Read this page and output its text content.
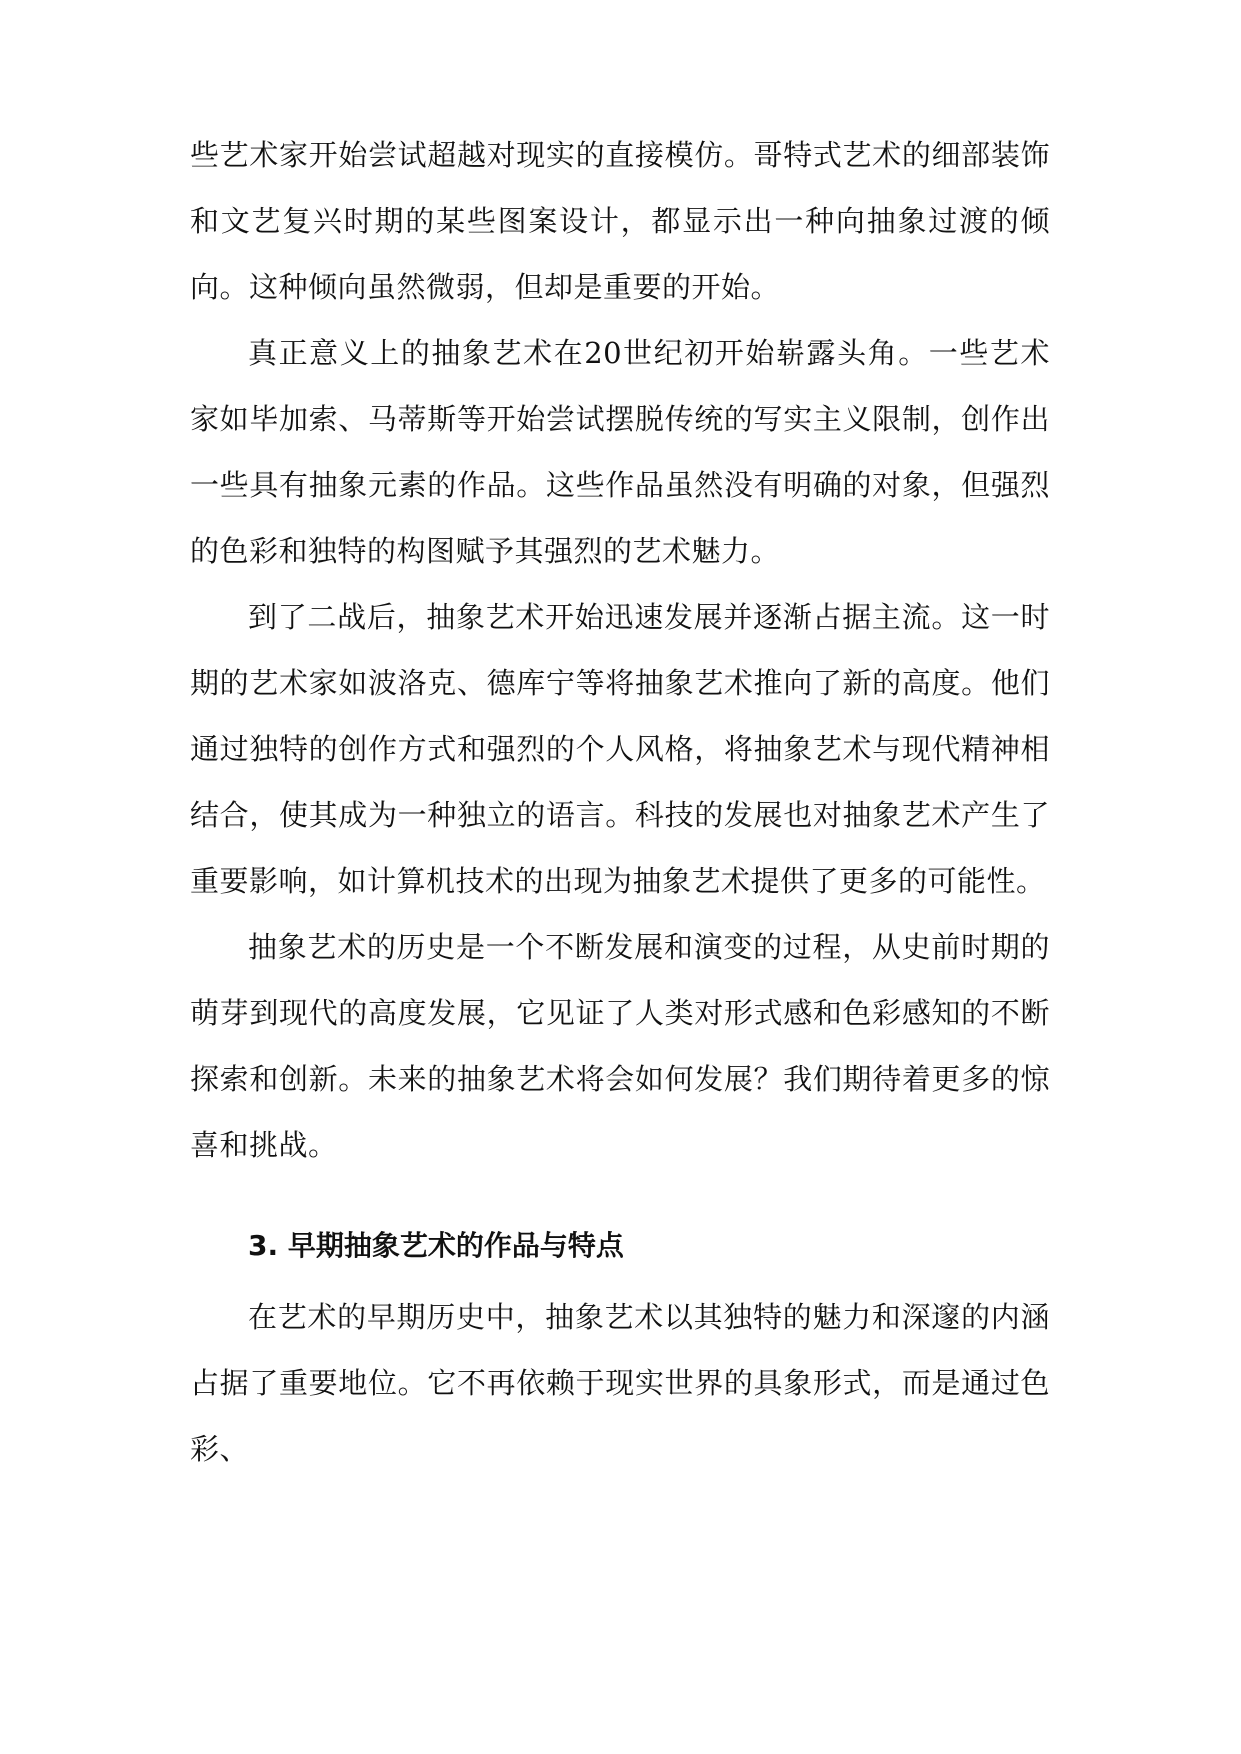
些艺术家开始尝试超越对现实的直接模仿。哥特式艺术的细部装饰和文艺复兴时期的某些图案设计，都显示出一种向抽象过渡的倾向。这种倾向虽然微弱，但却是重要的开始。

真正意义上的抽象艺术在20世纪初开始崭露头角。一些艺术家如毕加索、马蒂斯等开始尝试摆脱传统的写实主义限制，创作出一些具有抽象元素的作品。这些作品虽然没有明确的对象，但强烈的色彩和独特的构图赋予其强烈的艺术魅力。

到了二战后，抽象艺术开始迅速发展并逐渐占据主流。这一时期的艺术家如波洛克、德库宁等将抽象艺术推向了新的高度。他们通过独特的创作方式和强烈的个人风格，将抽象艺术与现代精神相结合，使其成为一种独立的语言。科技的发展也对抽象艺术产生了重要影响，如计算机技术的出现为抽象艺术提供了更多的可能性。

抽象艺术的历史是一个不断发展和演变的过程，从史前时期的萌芽到现代的高度发展，它见证了人类对形式感和色彩感知的不断探索和创新。未来的抽象艺术将会如何发展？我们期待着更多的惊喜和挑战。

3. 早期抽象艺术的作品与特点

在艺术的早期历史中，抽象艺术以其独特的魅力和深邃的内涵占据了重要地位。它不再依赖于现实世界的具象形式，而是通过色彩、
